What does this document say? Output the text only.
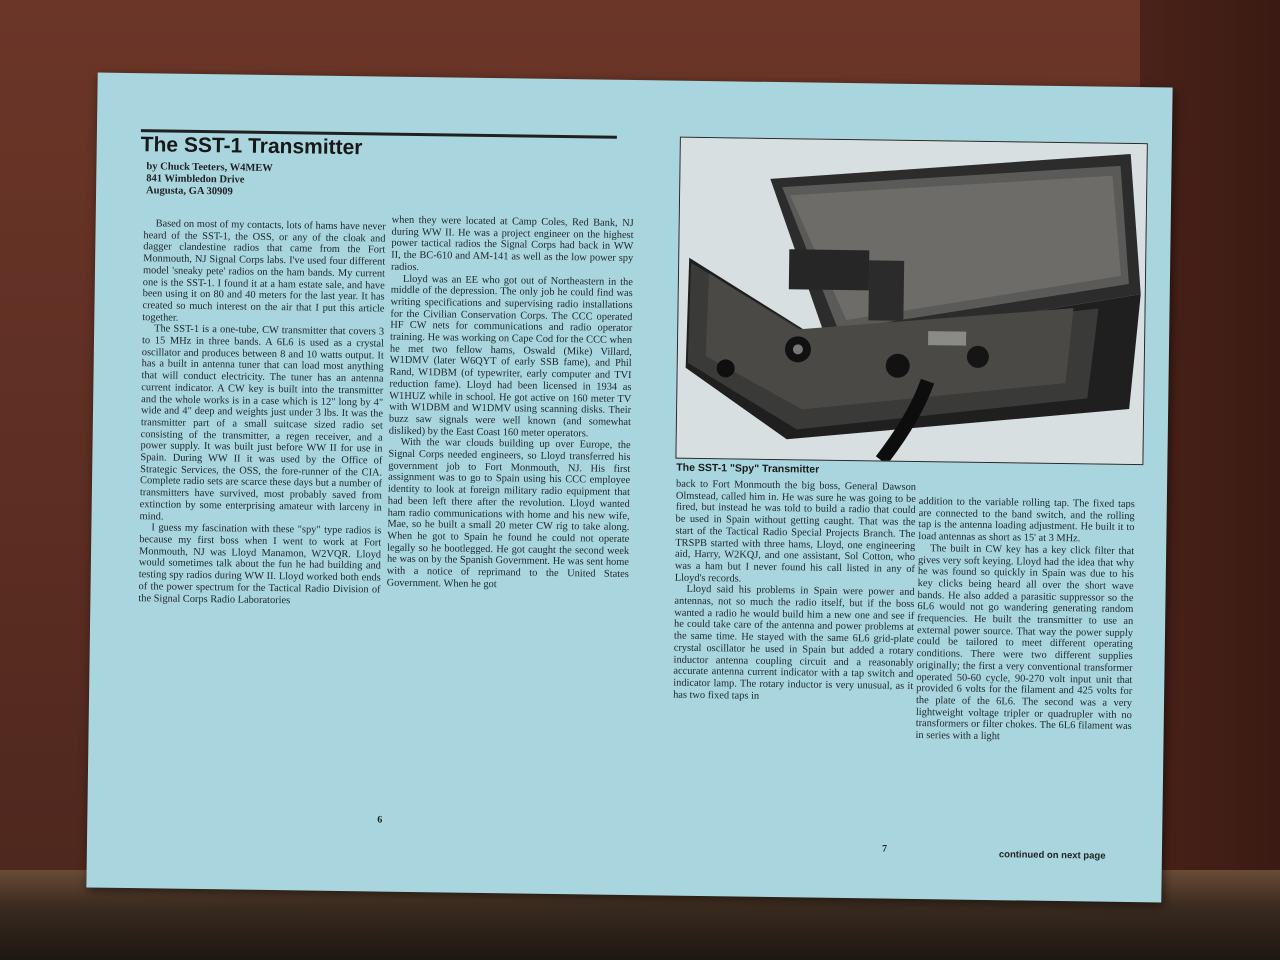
The SST-1 Transmitter
by Chuck Teeters, W4MEW
841 Wimbledon Drive
Augusta, GA 30909

Based on most of my contacts, lots of hams have never heard of the SST-1, the OSS, or any of the cloak and dagger clandestine radios that came from the Fort Monmouth, NJ Signal Corps labs. I've used four different model 'sneaky pete' radios on the ham bands. My current one is the SST-1. I found it at a ham estate sale, and have been using it on 80 and 40 meters for the last year. It has created so much interest on the air that I put this article together.

The SST-1 is a one-tube, CW transmitter that covers 3 to 15 MHz in three bands. A 6L6 is used as a crystal oscillator and produces between 8 and 10 watts output. It has a built in antenna tuner that can load most anything that will conduct electricity. The tuner has an antenna current indicator. A CW key is built into the transmitter and the whole works is in a case which is 12" long by 4" wide and 4" deep and weights just under 3 lbs. It was the transmitter part of a small suitcase sized radio set consisting of the transmitter, a regen receiver, and a power supply. It was built just before WW II for use in Spain. During WW II it was used by the Office of Strategic Services, the OSS, the fore-runner of the CIA. Complete radio sets are scarce these days but a number of transmitters have survived, most probably saved from extinction by some enterprising amateur with larceny in mind.

I guess my fascination with these "spy" type radios is because my first boss when I went to work at Fort Monmouth, NJ was Lloyd Manamon, W2VQR. Lloyd would sometimes talk about the fun he had building and testing spy radios during WW II. Lloyd worked both ends of the power spectrum for the Tactical Radio Division of the Signal Corps Radio Laboratories

when they were located at Camp Coles, Red Bank, NJ during WW II. He was a project engineer on the highest power tactical radios the Signal Corps had back in WW II, the BC-610 and AM-141 as well as the low power spy radios.

Lloyd was an EE who got out of Northeastern in the middle of the depression. The only job he could find was writing specifications and supervising radio installations for the Civilian Conservation Corps. The CCC operated HF CW nets for communications and radio operator training. He was working on Cape Cod for the CCC when he met two fellow hams, Oswald (Mike) Villard, W1DMV (later W6QYT of early SSB fame), and Phil Rand, W1DBM (of typewriter, early computer and TVI reduction fame). Lloyd had been licensed in 1934 as W1HUZ while in school. He got active on 160 meter TV with W1DBM and W1DMV using scanning disks. Their buzz saw signals were well known (and somewhat disliked) by the East Coast 160 meter operators.

With the war clouds building up over Europe, the Signal Corps needed engineers, so Lloyd transferred his government job to Fort Monmouth, NJ. His first assignment was to go to Spain using his CCC employee identity to look at foreign military radio equipment that had been left there after the revolution. Lloyd wanted ham radio communications with home and his new wife, Mae, so he built a small 20 meter CW rig to take along. When he got to Spain he found he could not operate legally so he bootlegged. He got caught the second week he was on by the Spanish Government. He was sent home with a notice of reprimand to the United States Government. When he got

The SST-1 "Spy" Transmitter

back to Fort Monmouth the big boss, General Dawson Olmstead, called him in. He was sure he was going to be fired, but instead he was told to build a radio that could be used in Spain without getting caught. That was the start of the Tactical Radio Special Projects Branch. The TRSPB started with three hams, Lloyd, one engineering aid, Harry, W2KQJ, and one assistant, Sol Cotton, who was a ham but I never found his call listed in any of Lloyd's records.

Lloyd said his problems in Spain were power and antennas, not so much the radio itself, but if the boss wanted a radio he would build him a new one and see if he could take care of the antenna and power problems at the same time. He stayed with the same 6L6 grid-plate crystal oscillator he used in Spain but added a rotary inductor antenna coupling circuit and a reasonably accurate antenna current indicator with a tap switch and indicator lamp. The rotary inductor is very unusual, as it has two fixed taps in

addition to the variable rolling tap. The fixed taps are connected to the band switch, and the rolling tap is the antenna loading adjustment. He built it to load antennas as short as 15' at 3 MHz.

The built in CW key has a key click filter that gives very soft keying. Lloyd had the idea that why he was found so quickly in Spain was due to his key clicks being heard all over the short wave bands. He also added a parasitic suppressor so the 6L6 would not go wandering generating random frequencies. He built the transmitter to use an external power source. That way the power supply could be tailored to meet different operating conditions. There were two different supplies originally; the first a very conventional transformer operated 50-60 cycle, 90-270 volt input unit that provided 6 volts for the filament and 425 volts for the plate of the 6L6. The second was a very lightweight voltage tripler or quadrupler with no transformers or filter chokes. The 6L6 filament was in series with a light

6
7
continued on next page
